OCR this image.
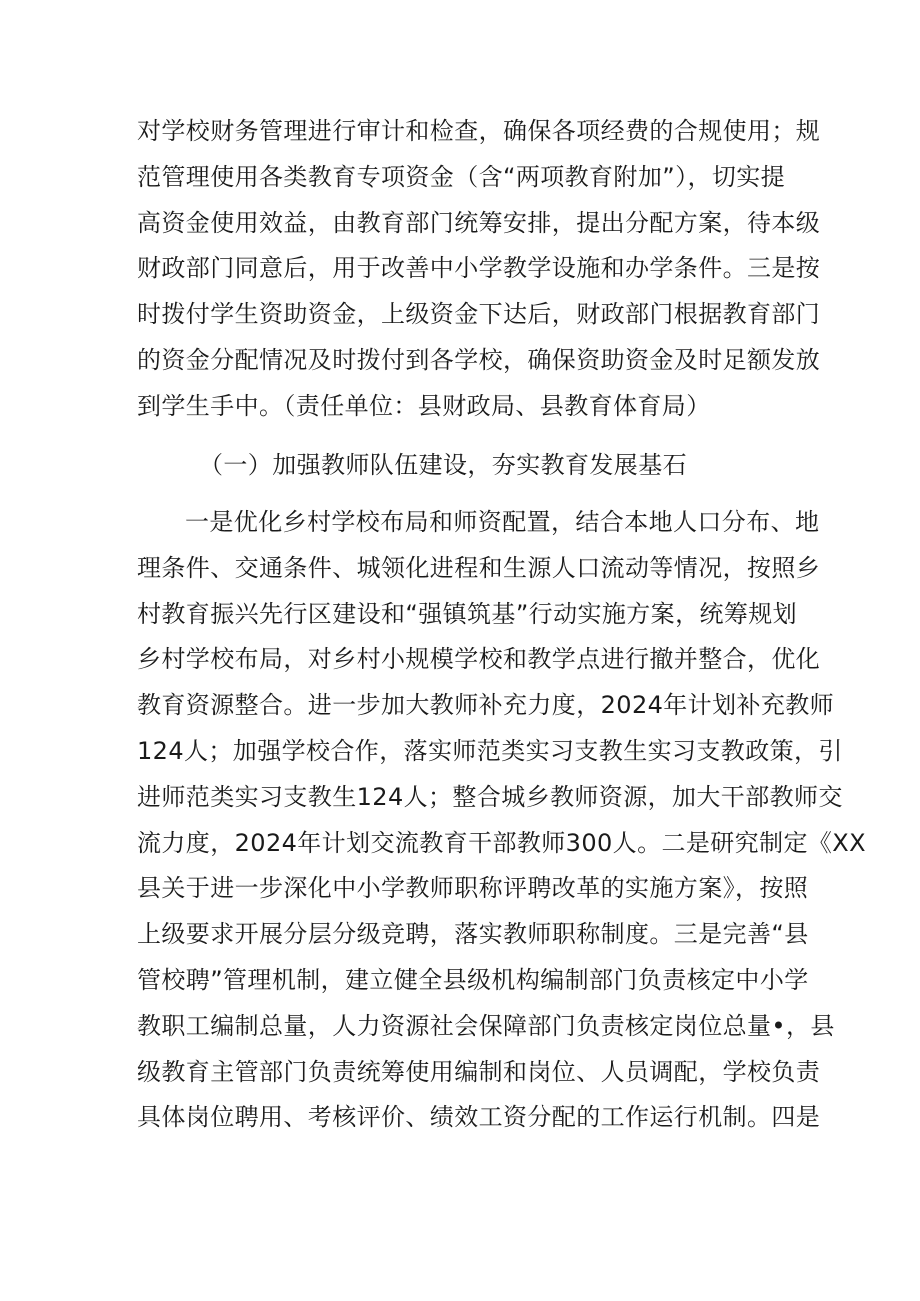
对学校财务管理进行审计和检查，确保各项经费的合规使用；规
范管理使用各类教育专项资金（含“两项教育附加”），切实提
高资金使用效益，由教育部门统筹安排，提出分配方案，待本级
财政部门同意后，用于改善中小学教学设施和办学条件。三是按
时拨付学生资助资金，上级资金下达后，财政部门根据教育部门
的资金分配情况及时拨付到各学校，确保资助资金及时足额发放
到学生手中。（责任单位：县财政局、县教育体育局）
（一）加强教师队伍建设，夯实教育发展基石
一是优化乡村学校布局和师资配置，结合本地人口分布、地
理条件、交通条件、城领化进程和生源人口流动等情况，按照乡
村教育振兴先行区建设和“强镇筑基”行动实施方案，统筹规划
乡村学校布局，对乡村小规模学校和教学点进行撤并整合，优化
教育资源整合。进一步加大教师补充力度，2024年计划补充教师
124人；加强学校合作，落实师范类实习支教生实习支教政策，引
进师范类实习支教生124人；整合城乡教师资源，加大干部教师交
流力度，2024年计划交流教育干部教师300人。二是研究制定《XX
县关于进一步深化中小学教师职称评聘改革的实施方案》，按照
上级要求开展分层分级竞聘，落实教师职称制度。三是完善“县
管校聘”管理机制，建立健全县级机构编制部门负责核定中小学
教职工编制总量，人力资源社会保障部门负责核定岗位总量•，县
级教育主管部门负责统筹使用编制和岗位、人员调配，学校负责
具体岗位聘用、考核评价、绩效工资分配的工作运行机制。四是
